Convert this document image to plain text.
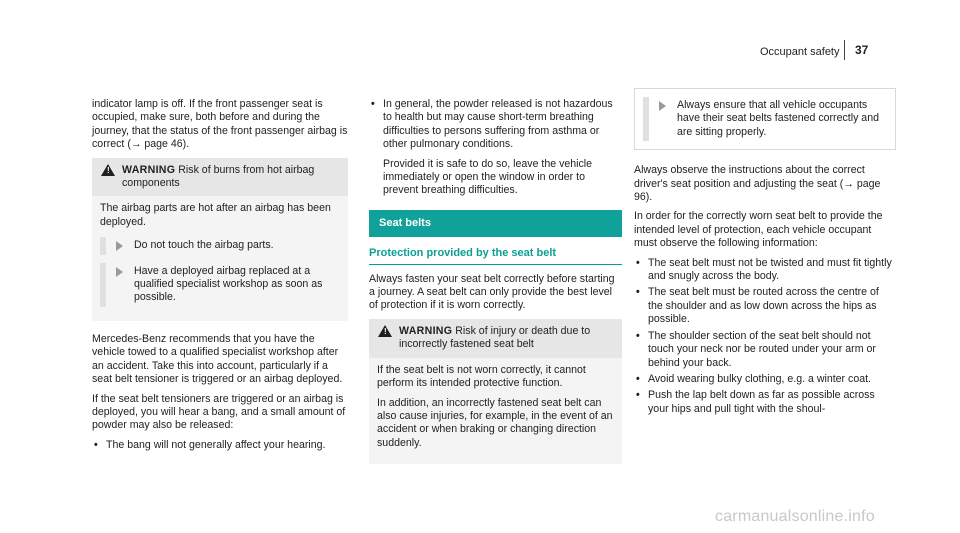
Occupant safety 37

indicator lamp is off. If the front passenger seat is occupied, make sure, both before and during the journey, that the status of the front passenger airbag is correct (→ page 46).

! WARNING Risk of burns from hot airbag components

The airbag parts are hot after an airbag has been deployed.

Do not touch the airbag parts.
Have a deployed airbag replaced at a qualified specialist workshop as soon as possible.

Mercedes-Benz recommends that you have the vehicle towed to a qualified specialist workshop after an accident. Take this into account, particularly if a seat belt tensioner is triggered or an airbag deployed.

If the seat belt tensioners are triggered or an airbag is deployed, you will hear a bang, and a small amount of powder may also be released:

• The bang will not generally affect your hearing.

• In general, the powder released is not hazardous to health but may cause short-term breathing difficulties to persons suffering from asthma or other pulmonary conditions.

Provided it is safe to do so, leave the vehicle immediately or open the window in order to prevent breathing difficulties.

Seat belts
Protection provided by the seat belt

Always fasten your seat belt correctly before starting a journey. A seat belt can only provide the best level of protection if it is worn correctly.

! WARNING Risk of injury or death due to incorrectly fastened seat belt

If the seat belt is not worn correctly, it cannot perform its intended protective function.

In addition, an incorrectly fastened seat belt can also cause injuries, for example, in the event of an accident or when braking or changing direction suddenly.

Always ensure that all vehicle occupants have their seat belts fastened correctly and are sitting properly.

Always observe the instructions about the correct driver's seat position and adjusting the seat (→ page 96).

In order for the correctly worn seat belt to provide the intended level of protection, each vehicle occupant must observe the following information:

• The seat belt must not be twisted and must fit tightly and snugly across the body.
• The seat belt must be routed across the centre of the shoulder and as low down across the hips as possible.
• The shoulder section of the seat belt should not touch your neck nor be routed under your arm or behind your back.
• Avoid wearing bulky clothing, e.g. a winter coat.
• Push the lap belt down as far as possible across your hips and pull tight with the shoul-
carmanualsonline.info
